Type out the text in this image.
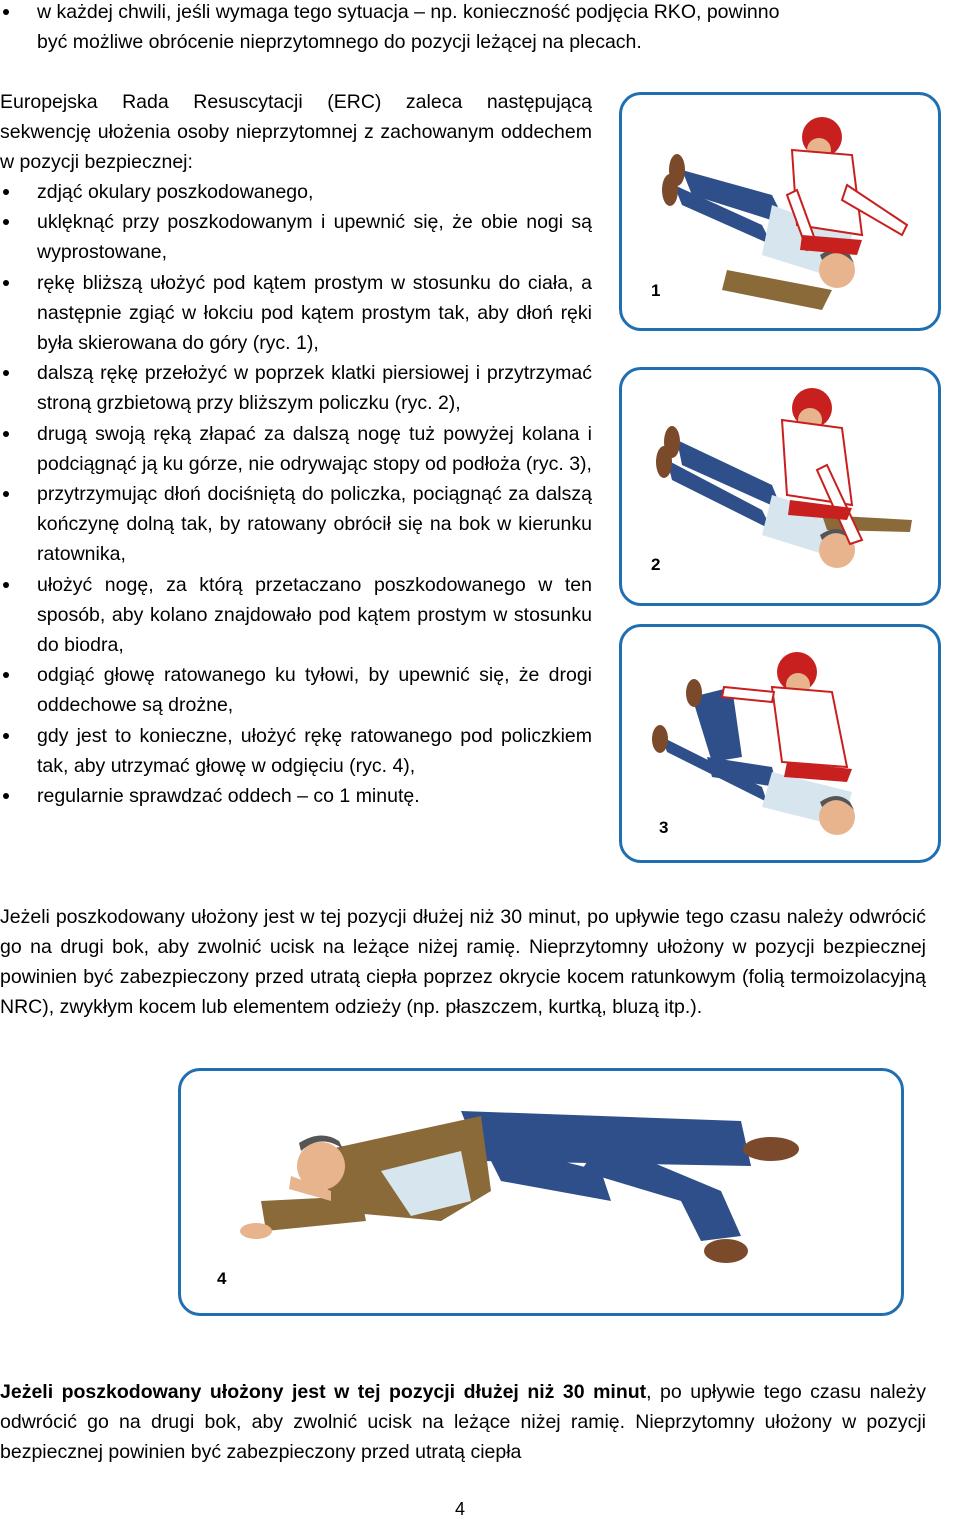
w każdej chwili, jeśli wymaga tego sytuacja – np. konieczność podjęcia RKO, powinno
być możliwe obrócenie nieprzytomnego do pozycji leżącej na plecach.
Europejska Rada Resuscytacji (ERC) zaleca następującą sekwencję ułożenia osoby nieprzytomnej z zachowanym oddechem w pozycji bezpiecznej:
zdjąć okulary poszkodowanego,
uklęknąć przy poszkodowanym i upewnić się, że obie nogi są wyprostowane,
rękę bliższą ułożyć pod kątem prostym w stosunku do ciała, a następnie zgiąć w łokciu pod kątem prostym tak, aby dłoń ręki była skierowana do góry (ryc. 1),
dalszą rękę przełożyć w poprzek klatki piersiowej i przytrzymać stroną grzbietową przy bliższym policzku (ryc. 2),
drugą swoją ręką złapać za dalszą nogę tuż powyżej kolana i podciągnąć ją ku górze, nie odrywając stopy od podłoża (ryc. 3),
przytrzymując dłoń dociśniętą do policzka, pociągnąć za dalszą kończynę dolną tak, by ratowany obrócił się na bok w kierunku ratownika,
ułożyć nogę, za którą przetaczano poszkodowanego w ten sposób, aby kolano znajdowało pod kątem prostym w stosunku do biodra,
odgiąć głowę ratowanego ku tyłowi, by upewnić się, że drogi oddechowe są drożne,
gdy jest to konieczne, ułożyć rękę ratowanego pod policzkiem tak, aby utrzymać głowę w odgięciu (ryc. 4),
regularnie sprawdzać oddech – co 1 minutę.
1
2
3
Jeżeli poszkodowany ułożony jest w tej pozycji dłużej niż 30 minut, po upływie tego czasu należy odwrócić go na drugi bok, aby zwolnić ucisk na leżące niżej ramię. Nieprzytomny ułożony w pozycji bezpiecznej powinien być zabezpieczony przed utratą ciepła poprzez okrycie kocem ratunkowym (folią termoizolacyjną NRC), zwykłym kocem lub elementem odzieży (np. płaszczem, kurtką, bluzą itp.).
4
Jeżeli poszkodowany ułożony jest w tej pozycji dłużej niż 30 minut, po upływie tego czasu należy odwrócić go na drugi bok, aby zwolnić ucisk na leżące niżej ramię. Nieprzytomny ułożony w pozycji bezpiecznej powinien być zabezpieczony przed utratą ciepła
4
